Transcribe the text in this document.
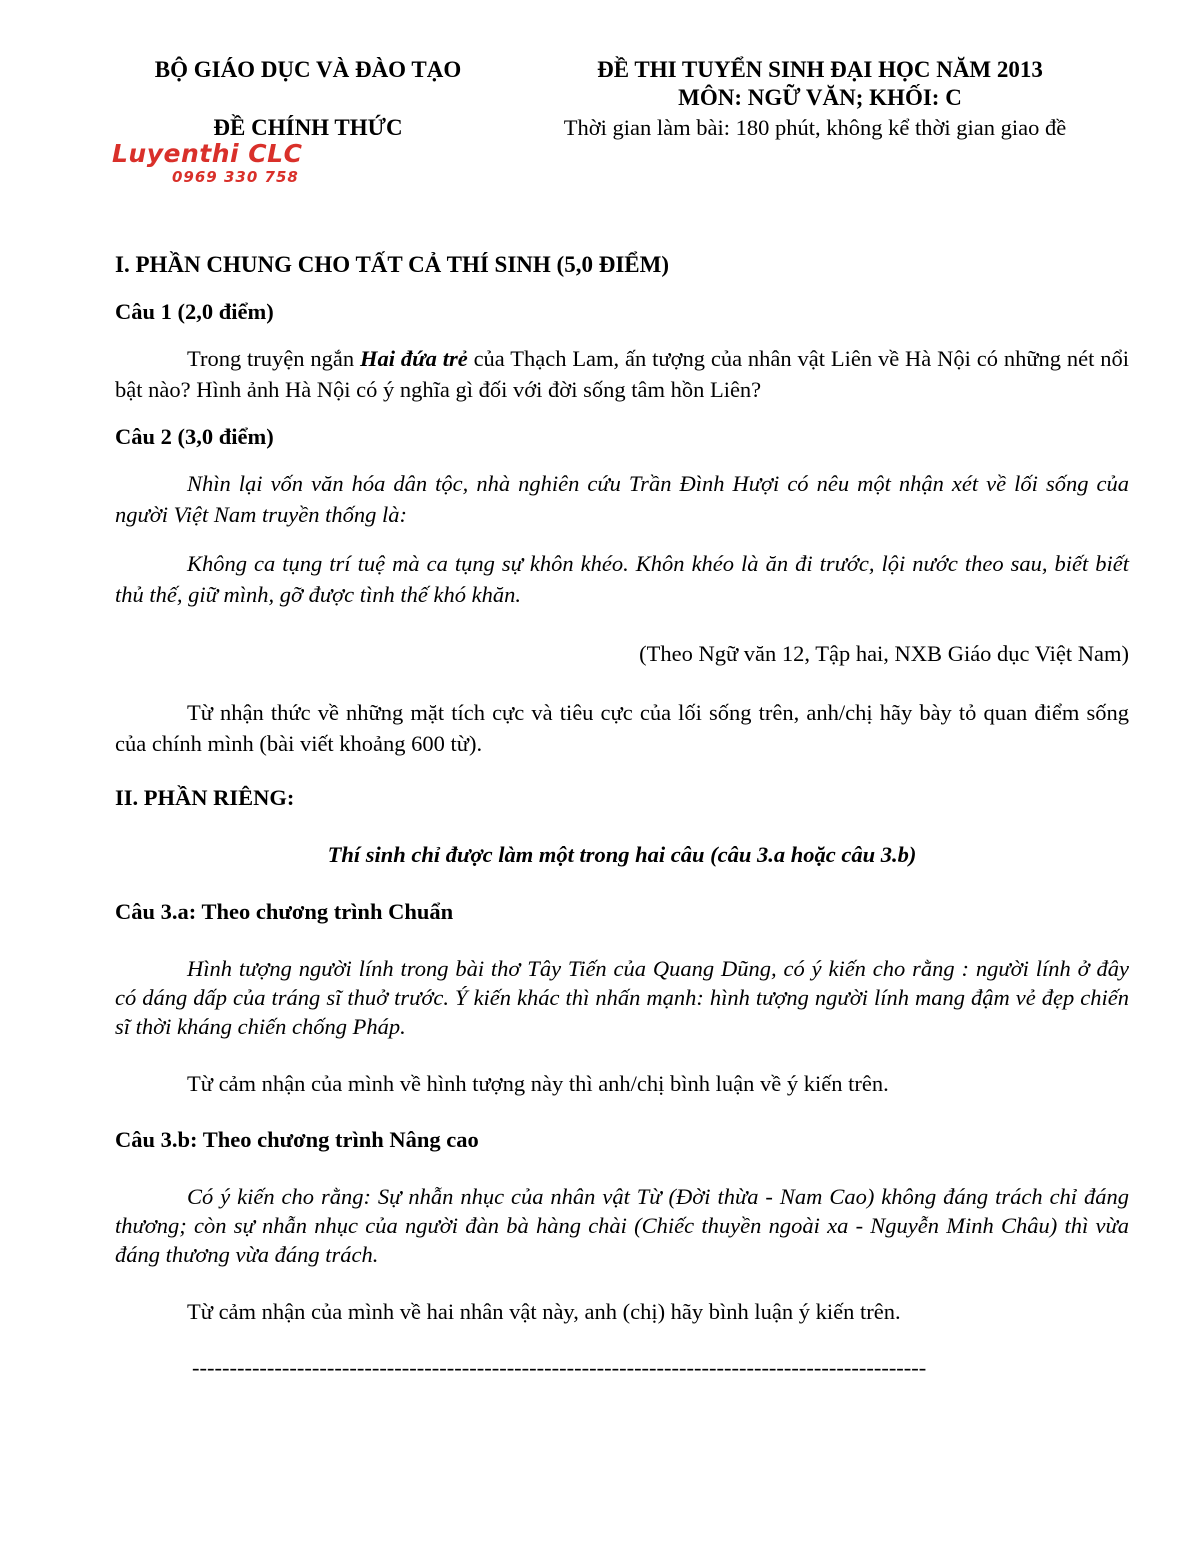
BỘ GIÁO DỤC VÀ ĐÀO TẠO
ĐỀ CHÍNH THỨC
ĐỀ THI TUYỂN SINH ĐẠI HỌC NĂM 2013
MÔN: NGỮ VĂN; KHỐI: C
Thời gian làm bài: 180 phút, không kể thời gian giao đề
Luyenthi CLC
0969 330 758
I. PHẦN CHUNG CHO TẤT CẢ THÍ SINH (5,0 ĐIỂM)
Câu 1 (2,0 điểm)
Trong truyện ngắn Hai đứa trẻ của Thạch Lam, ấn tượng của nhân vật Liên về Hà Nội có những nét nổi bật nào? Hình ảnh Hà Nội có ý nghĩa gì đối với đời sống tâm hồn Liên?
Câu 2 (3,0 điểm)
Nhìn lại vốn văn hóa dân tộc, nhà nghiên cứu Trần Đình Hượi có nêu một nhận xét về lối sống của người Việt Nam truyền thống là:
Không ca tụng trí tuệ mà ca tụng sự khôn khéo. Khôn khéo là ăn đi trước, lội nước theo sau, biết biết thủ thế, giữ mình, gỡ được tình thế khó khăn.
(Theo Ngữ văn 12, Tập hai, NXB Giáo dục Việt Nam)
Từ nhận thức về những mặt tích cực và tiêu cực của lối sống trên, anh/chị hãy bày tỏ quan điểm sống của chính mình (bài viết khoảng 600 từ).
II. PHẦN RIÊNG:
Thí sinh chỉ được làm một trong hai câu (câu 3.a hoặc câu 3.b)
Câu 3.a: Theo chương trình Chuẩn
Hình tượng người lính trong bài thơ Tây Tiến của Quang Dũng, có ý kiến cho rằng : người lính ở đây có dáng dấp của tráng sĩ thuở trước. Ý kiến khác thì nhấn mạnh: hình tượng người lính mang đậm vẻ đẹp chiến sĩ thời kháng chiến chống Pháp.
Từ cảm nhận của mình về hình tượng này thì anh/chị bình luận về ý kiến trên.
Câu 3.b: Theo chương trình Nâng cao
Có ý kiến cho rằng: Sự nhẫn nhục của nhân vật Từ (Đời thừa - Nam Cao) không đáng trách chỉ đáng thương; còn sự nhẫn nhục của người đàn bà hàng chài (Chiếc thuyền ngoài xa - Nguyễn Minh Châu) thì vừa đáng thương vừa đáng trách.
Từ cảm nhận của mình về hai nhân vật này, anh (chị) hãy bình luận ý kiến trên.
--------------------------------------------------------------------------------------------------
